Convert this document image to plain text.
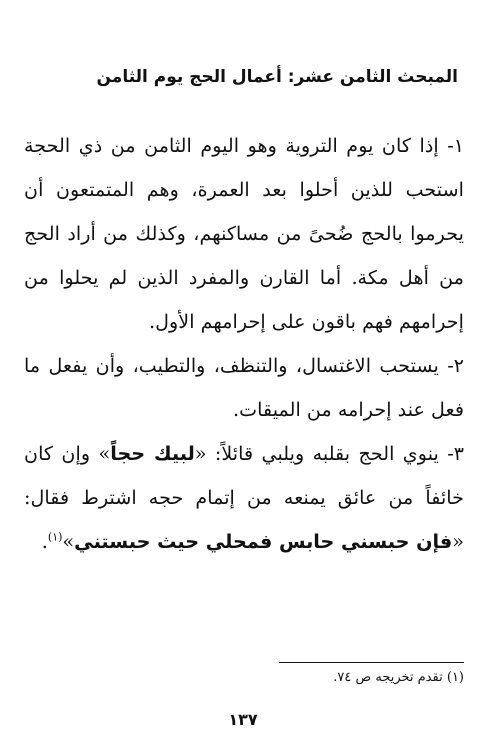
المبحث الثامن عشر: أعمال الحج يوم الثامن

١- إذا كان يوم التروية وهو اليوم الثامن من ذي الحجة استحب للذين أحلوا بعد العمرة، وهم المتمتعون أن يحرموا بالحج ضُحىً من مساكنهم، وكذلك من أراد الحج من أهل مكة. أما القارن والمفرد الذين لم يحلوا من إحرامهم فهم باقون على إحرامهم الأول.

٢- يستحب الاغتسال، والتنظف، والتطيب، وأن يفعل ما فعل عند إحرامه من الميقات.

٣- ينوي الحج بقلبه ويلبي قائلاً: «لبيك حجاً» وإن كان خائفاً من عائق يمنعه من إتمام حجه اشترط فقال: «فإن حبسني حابس فمحلي حيث حبستني»$^{(١)}$.

(١) تقدم تخريجه ص ٧٤.
١٣٧
